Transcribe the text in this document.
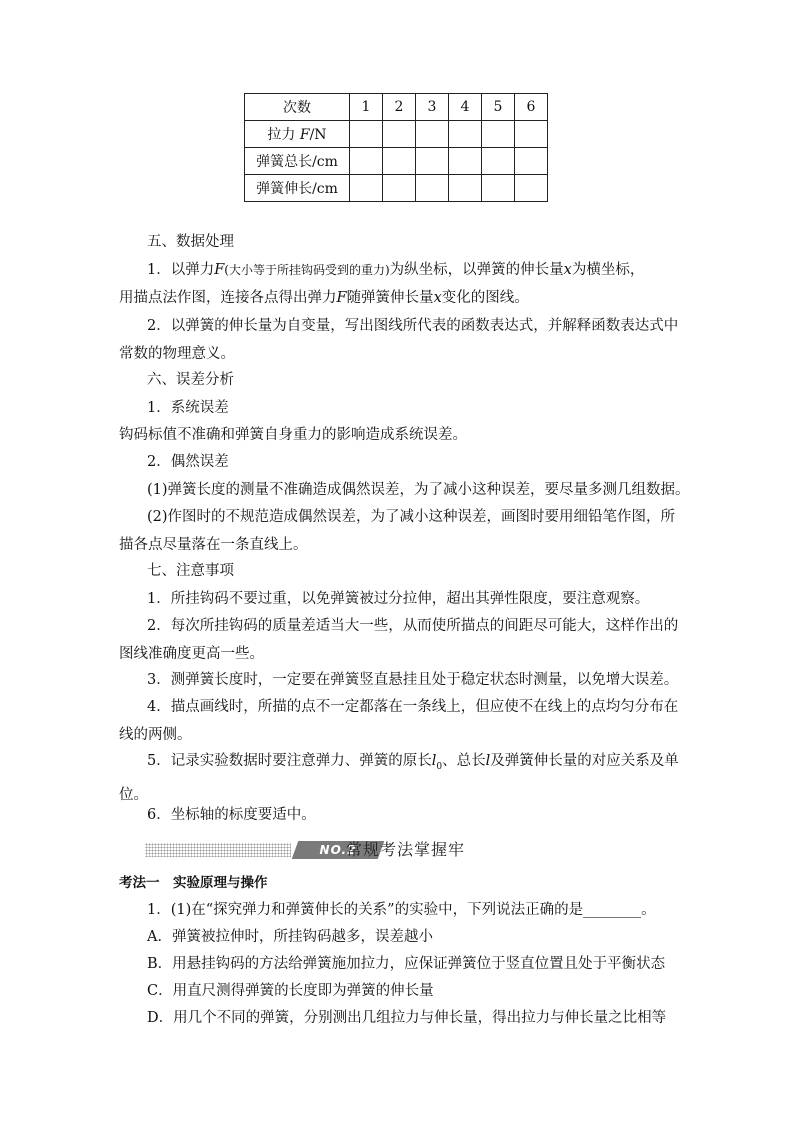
次数	1	2	3	4	5	6
拉力 F/N						
弹簧总长/cm						
弹簧伸长/cm						
五、数据处理
1．以弹力F(大小等于所挂钩码受到的重力)为纵坐标，以弹簧的伸长量x为横坐标，
用描点法作图，连接各点得出弹力F随弹簧伸长量x变化的图线。
2．以弹簧的伸长量为自变量，写出图线所代表的函数表达式，并解释函数表达式中常数的物理意义。
六、误差分析
1．系统误差
钩码标值不准确和弹簧自身重力的影响造成系统误差。
2．偶然误差
(1)弹簧长度的测量不准确造成偶然误差，为了减小这种误差，要尽量多测几组数据。
(2)作图时的不规范造成偶然误差，为了减小这种误差，画图时要用细铅笔作图，所描各点尽量落在一条直线上。
七、注意事项
1．所挂钩码不要过重，以免弹簧被过分拉伸，超出其弹性限度，要注意观察。
2．每次所挂钩码的质量差适当大一些，从而使所描点的间距尽可能大，这样作出的图线准确度更高一些。
3．测弹簧长度时，一定要在弹簧竖直悬挂且处于稳定状态时测量，以免增大误差。
4．描点画线时，所描的点不一定都落在一条线上，但应使不在线上的点均匀分布在线的两侧。
5．记录实验数据时要注意弹力、弹簧的原长$l_0$、总长l及弹簧伸长量的对应关系及单位。
6．坐标轴的标度要适中。
NO.2
常规考法掌握牢
考法一　实验原理与操作
1．(1)在“探究弹力和弹簧伸长的关系”的实验中，下列说法正确的是________。
A．弹簧被拉伸时，所挂钩码越多，误差越小
B．用悬挂钩码的方法给弹簧施加拉力，应保证弹簧位于竖直位置且处于平衡状态
C．用直尺测得弹簧的长度即为弹簧的伸长量
D．用几个不同的弹簧，分别测出几组拉力与伸长量，得出拉力与伸长量之比相等
